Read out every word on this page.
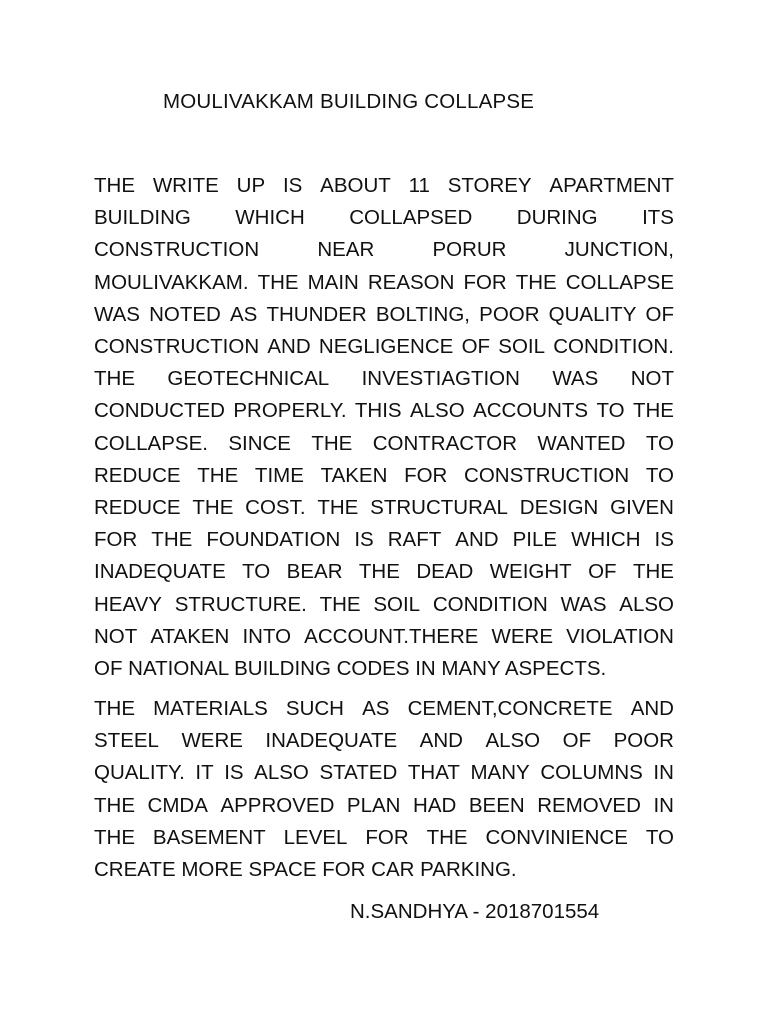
MOULIVAKKAM BUILDING COLLAPSE
THE WRITE UP IS ABOUT 11 STOREY APARTMENT
BUILDING WHICH COLLAPSED DURING ITS
CONSTRUCTION	NEAR	PORUR	JUNCTION,
MOULIVAKKAM. THE MAIN REASON FOR THE COLLAPSE
WAS NOTED AS THUNDER BOLTING, POOR QUALITY OF
CONSTRUCTION AND NEGLIGENCE OF SOIL CONDITION.
THE GEOTECHNICAL INVESTIAGTION WAS NOT
CONDUCTED PROPERLY. THIS ALSO ACCOUNTS TO THE
COLLAPSE. SINCE THE CONTRACTOR WANTED TO
REDUCE THE TIME TAKEN FOR CONSTRUCTION TO
REDUCE THE COST. THE STRUCTURAL DESIGN GIVEN
FOR THE FOUNDATION IS RAFT AND PILE WHICH IS
INADEQUATE TO BEAR THE DEAD WEIGHT OF THE
HEAVY STRUCTURE. THE SOIL CONDITION WAS ALSO
NOT ATAKEN INTO ACCOUNT.THERE WERE VIOLATION
OF NATIONAL BUILDING CODES IN MANY ASPECTS.
THE MATERIALS SUCH AS CEMENT,CONCRETE AND
STEEL WERE INADEQUATE AND ALSO OF POOR
QUALITY. IT IS ALSO STATED THAT MANY COLUMNS IN
THE CMDA APPROVED PLAN HAD BEEN REMOVED IN
THE BASEMENT LEVEL FOR THE CONVINIENCE TO
CREATE MORE SPACE FOR CAR PARKING.
N.SANDHYA - 2018701554
